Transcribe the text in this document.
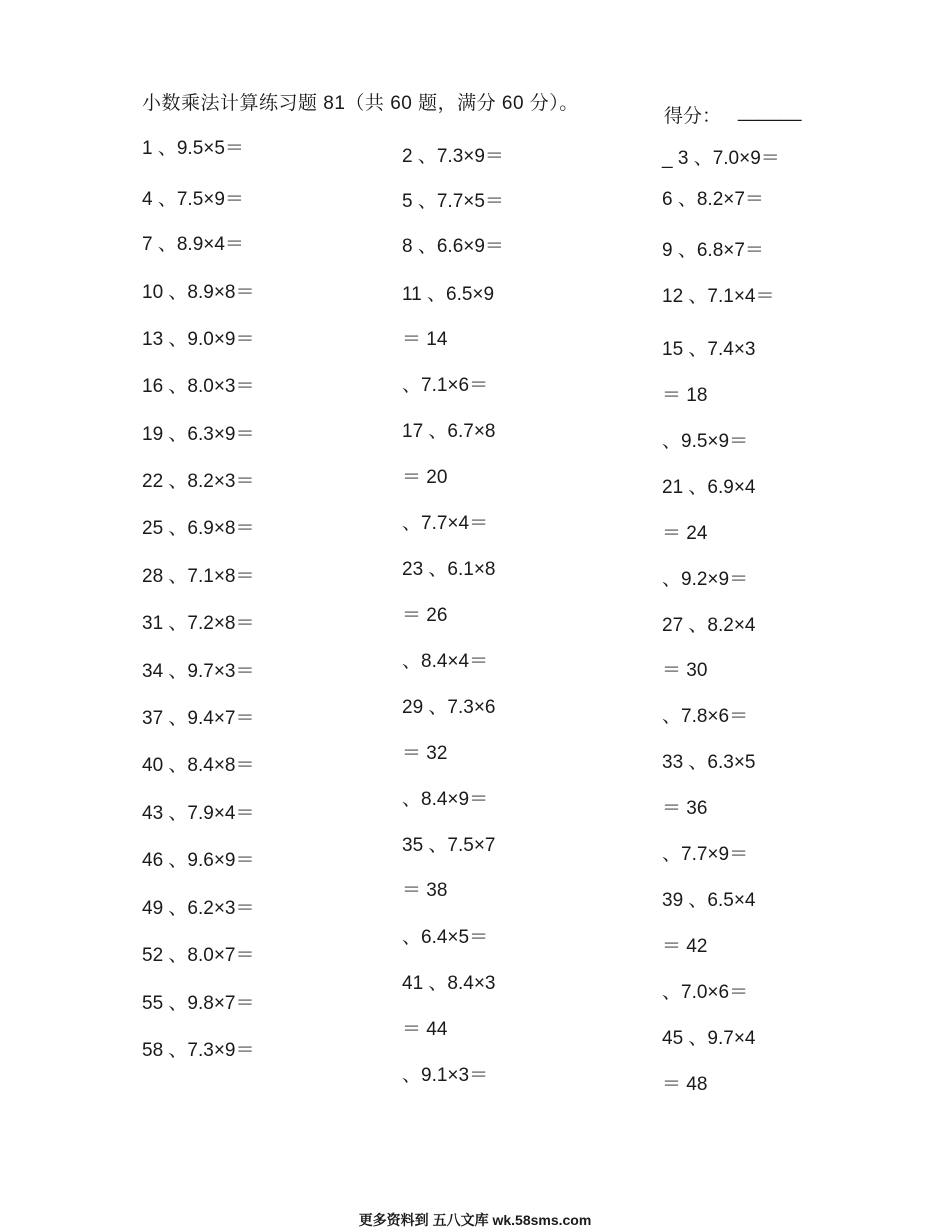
小数乘法计算练习题 81（共 60 题，满分 60 分）。
得分： ______
1 、9.5×5＝
4 、7.5×9＝
7 、8.9×4＝
10 、8.9×8＝
13 、9.0×9＝
16 、8.0×3＝
19 、6.3×9＝
22 、8.2×3＝
25 、6.9×8＝
28 、7.1×8＝
31 、7.2×8＝
34 、9.7×3＝
37 、9.4×7＝
40 、8.4×8＝
43 、7.9×4＝
46 、9.6×9＝
49 、6.2×3＝
52 、8.0×7＝
55 、9.8×7＝
58 、7.3×9＝
2 、7.3×9＝
5 、7.7×5＝
8 、6.6×9＝
11 、6.5×9
＝ 14
、7.1×6＝
17 、6.7×8
＝ 20
、7.7×4＝
23 、6.1×8
＝ 26
、8.4×4＝
29 、7.3×6
＝ 32
、8.4×9＝
35 、7.5×7
＝ 38
、6.4×5＝
41 、8.4×3
＝ 44
、9.1×3＝
_ 3 、7.0×9＝
6 、8.2×7＝
9 、6.8×7＝
12 、7.1×4＝
15 、7.4×3
＝ 18
、9.5×9＝
21 、6.9×4
＝ 24
、9.2×9＝
27 、8.2×4
＝ 30
、7.8×6＝
33 、6.3×5
＝ 36
、7.7×9＝
39 、6.5×4
＝ 42
、7.0×6＝
45 、9.7×4
＝ 48
更多资料到 五八文库 wk.58sms.com
